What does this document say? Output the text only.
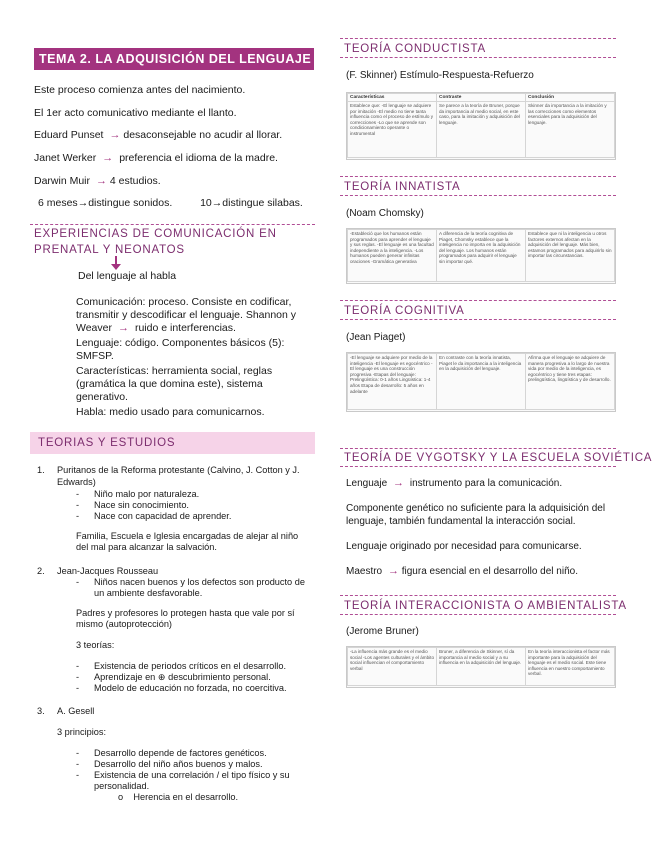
TEMA 2. LA ADQUISICIÓN DEL LENGUAJE
Este proceso comienza antes del nacimiento.
El 1er acto comunicativo mediante el llanto.
Eduard Punset  → desaconsejable no acudir al llorar.
Janet Werker  →  preferencia el idioma de la madre.
Darwin Muir  → 4 estudios.
6 meses→distingue sonidos.	10→distingue silabas.
EXPERIENCIAS DE COMUNICACIÓN EN
PRENATAL Y NEONATOS
Del lenguaje al habla
Comunicación: proceso. Consiste en codificar,
transmitir y descodificar el lenguaje. Shannon y
Weaver  →  ruido e interferencias.
Lenguaje: código. Componentes básicos (5):
SMFSP.
Características: herramienta social, reglas
(gramática la que domina este), sistema
generativo.
Habla: medio usado para comunicarnos.
TEORIAS Y ESTUDIOS
1. Puritanos de la Reforma protestante (Calvino, J. Cotton y J.
Edwards)
- Niño malo por naturaleza.
- Nace sin conocimiento.
- Nace con capacidad de aprender.
Familia, Escuela e Iglesia encargadas de alejar al niño
del mal para alcanzar la salvación.
2. Jean-Jacques Rousseau
- Niños nacen buenos y los defectos son producto de
un ambiente desfavorable.
Padres y profesores lo protegen hasta que vale por sí
mismo (autoprotección)
3 teorías:
- Existencia de periodos críticos en el desarrollo.
- Aprendizaje en ⊕ descubrimiento personal.
- Modelo de educación no forzada, no coercitiva.
3. A. Gesell
3 principios:
- Desarrollo depende de factores genéticos.
- Desarrollo del niño años buenos y malos.
- Existencia de una correlación / el tipo físico y su
personalidad.
o    Herencia en el desarrollo.
TEORÍA CONDUCTISTA
(F. Skinner) Estímulo-Respuesta-Refuerzo
Características	Contraste	Conclusión
Establece que: -El lenguaje se adquiere por imitación -El medio no tiene tanta influencia como el proceso de estímulo y correcciones -Lo que se aprende son condicionamiento operante o instrumental	Se parece a la teoría de Bruner, porque da importancia al medio social, en este caso, para la imitación y adquisición del lenguaje.	Skinner da importancia a la imitación y las correcciones como elementos esenciales para la adquisición del lenguaje.
TEORÍA INNATISTA
(Noam Chomsky)
-Estableció que los humanos están programados para aprender el lenguaje y sus reglas. -El lenguaje es una facultad independiente a la inteligencia. -Los humanos pueden generar infinitas oraciones -Gramática generativa	A diferencia de la teoría cognitiva de Piaget, Chomsky establece que la inteligencia no importa en la adquisición del lenguaje. Los humanos están programados para adquirir el lenguaje sin importar qué.	Establece que ni la inteligencia u otros factores externos afectan en la adquisición del lenguaje. Más bien, estamos programados para adquirirlo sin importar las circunstancias.
TEORÍA COGNITIVA
(Jean Piaget)
-El lenguaje se adquiere por medio de la inteligencia -El lenguaje es egocéntrico -El lenguaje es una construcción progresiva -Etapas del lenguaje: Prelingüística: 0-1 años Lingüística: 1-4 años Etapa de desarrollo: 5 años en adelante	En contraste con la teoría innatista, Piaget le da importancia a la inteligencia en la adquisición del lenguaje.	Afirma que el lenguaje se adquiere de manera progresiva a lo largo de nuestra vida por medio de la inteligencia, es egocéntrico y tiene tres etapas: prelingüística, lingüística y de desarrollo.
TEORÍA DE VYGOTSKY Y LA ESCUELA SOVIÉTICA
Lenguaje  →  instrumento para la comunicación.
Componente genético no suficiente para la adquisición del lenguaje, también fundamental la interacción social.
Lenguaje originado por necesidad para comunicarse.
Maestro  → figura esencial en el desarrollo del niño.
TEORÍA INTERACCIONISTA O AMBIENTALISTA
(Jerome Bruner)
-La influencia más grande es el medio social -Los agentes culturales y el ámbito social influencian el comportamiento verbal	Bruner, a diferencia de Skinner, sí da importancia al medio social y a su influencia en la adquisición del lenguaje.	En la teoría interaccionista el factor más importante para la adquisición del lenguaje es el medio social. Este tiene influencia en nuestro comportamiento verbal.
